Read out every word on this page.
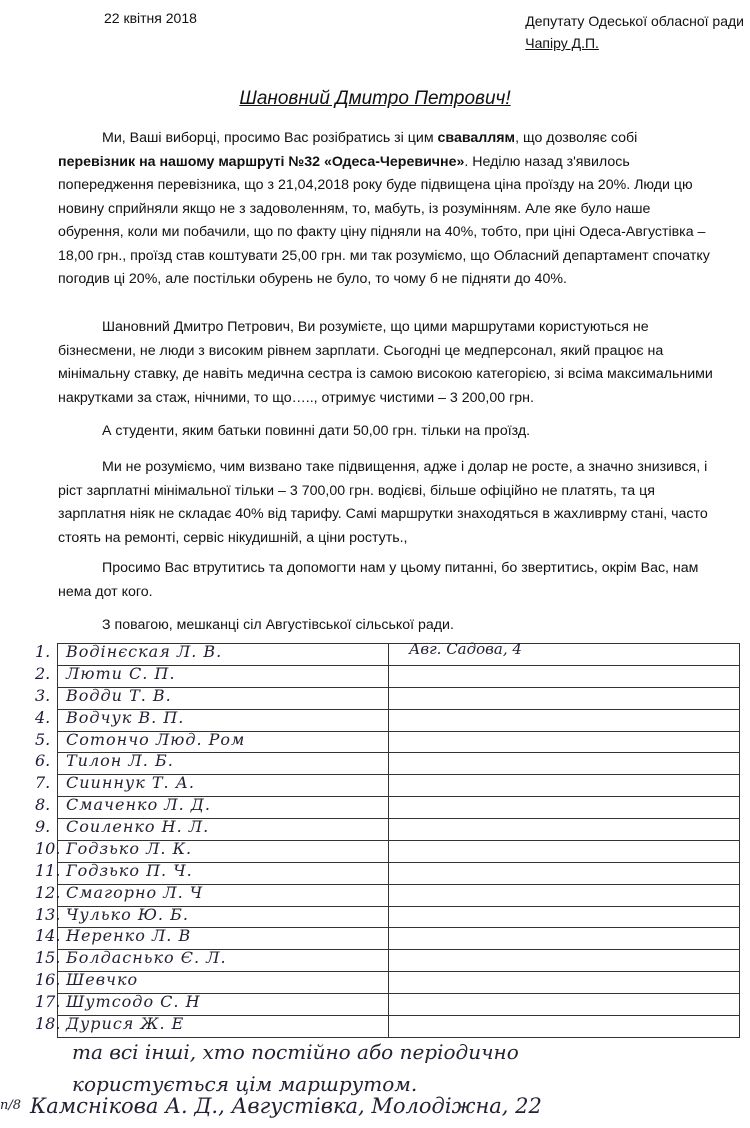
22 квітня 2018	Депутату Одеської обласної ради

Чапіру Д.П.
Шановний Дмитро Петрович!

Ми, Ваші виборці, просимо Вас розібратись зі цим сваваллям, що дозволяє собі перевізник на нашому маршруті №32 «Одеса-Черевичне». Неділю назад з'явилось попередження перевізника, що з 21,04,2018 року буде підвищена ціна проїзду на 20%. Люди цю новину сприйняли якщо не з задоволенням, то, мабуть, із розумінням. Але яке було наше обурення, коли ми побачили, що по факту ціну підняли на 40%, тобто, при ціні Одеса-Августівка – 18,00 грн., проїзд став коштувати 25,00 грн. ми так розуміємо, що Обласний департамент спочатку погодив ці 20%, але постільки обурень не було, то чому б не підняти до 40%.

Шановний Дмитро Петрович, Ви розумієте, що цими маршрутами користуються не бізнесмени, не люди з високим рівнем зарплати. Сьогодні це медперсонал, який працює на мінімальну ставку, де навіть медична сестра із самою високою категорією, зі всіма максимальними накрутками за стаж, нічними, то що….., отримує чистими – 3 200,00 грн.

А студенти, яким батьки повинні дати 50,00 грн. тільки на проїзд.

Ми не розуміємо, чим визвано таке підвищення, адже і долар не росте, а значно знизився, і ріст зарплатні мінімальної тільки – 3 700,00 грн. водієві, більше офіційно не платять, та ця зарплатня ніяк не складає 40% від тарифу. Самі маршрутки знаходяться в жахливрму стані, часто стоять на ремонті, сервіс нікудишній, а ціни ростуть.,

Просимо Вас втрутитись та допомогти нам у цьому питанні, бо звертитись, окрім Вас, нам нема дот кого.

З повагою, мешканці сіл Августівської сільської ради.

1. Водінєская Л. В.	Авг. Садова, 4

2. Люти С. П.	

3. Водди Т. В.	

4. Водчук В. П.	

5. Сотончо Люд. Ром	

6. Тилон Л. Б.	

7. Сииннук Т. А.	

8. Смаченко Л. Д.	

9. Соиленко Н. Л.	

10. Годзько Л. К.	

11. Годзько П. Ч.	

12. Смагорно Л. Ч	

13. Чулько Ю. Б.	

14. Неренко Л. В	

15. Болдаснько Є. Л.	

16. Шевчко	

17. Шутсодо С. Н	

18. Дурися Ж. Е	

та всі інші, хто постійно або періодично
користується цім маршрутом.
Камснікова А. Д., Августівка, Молодіжна, 22
п/8
